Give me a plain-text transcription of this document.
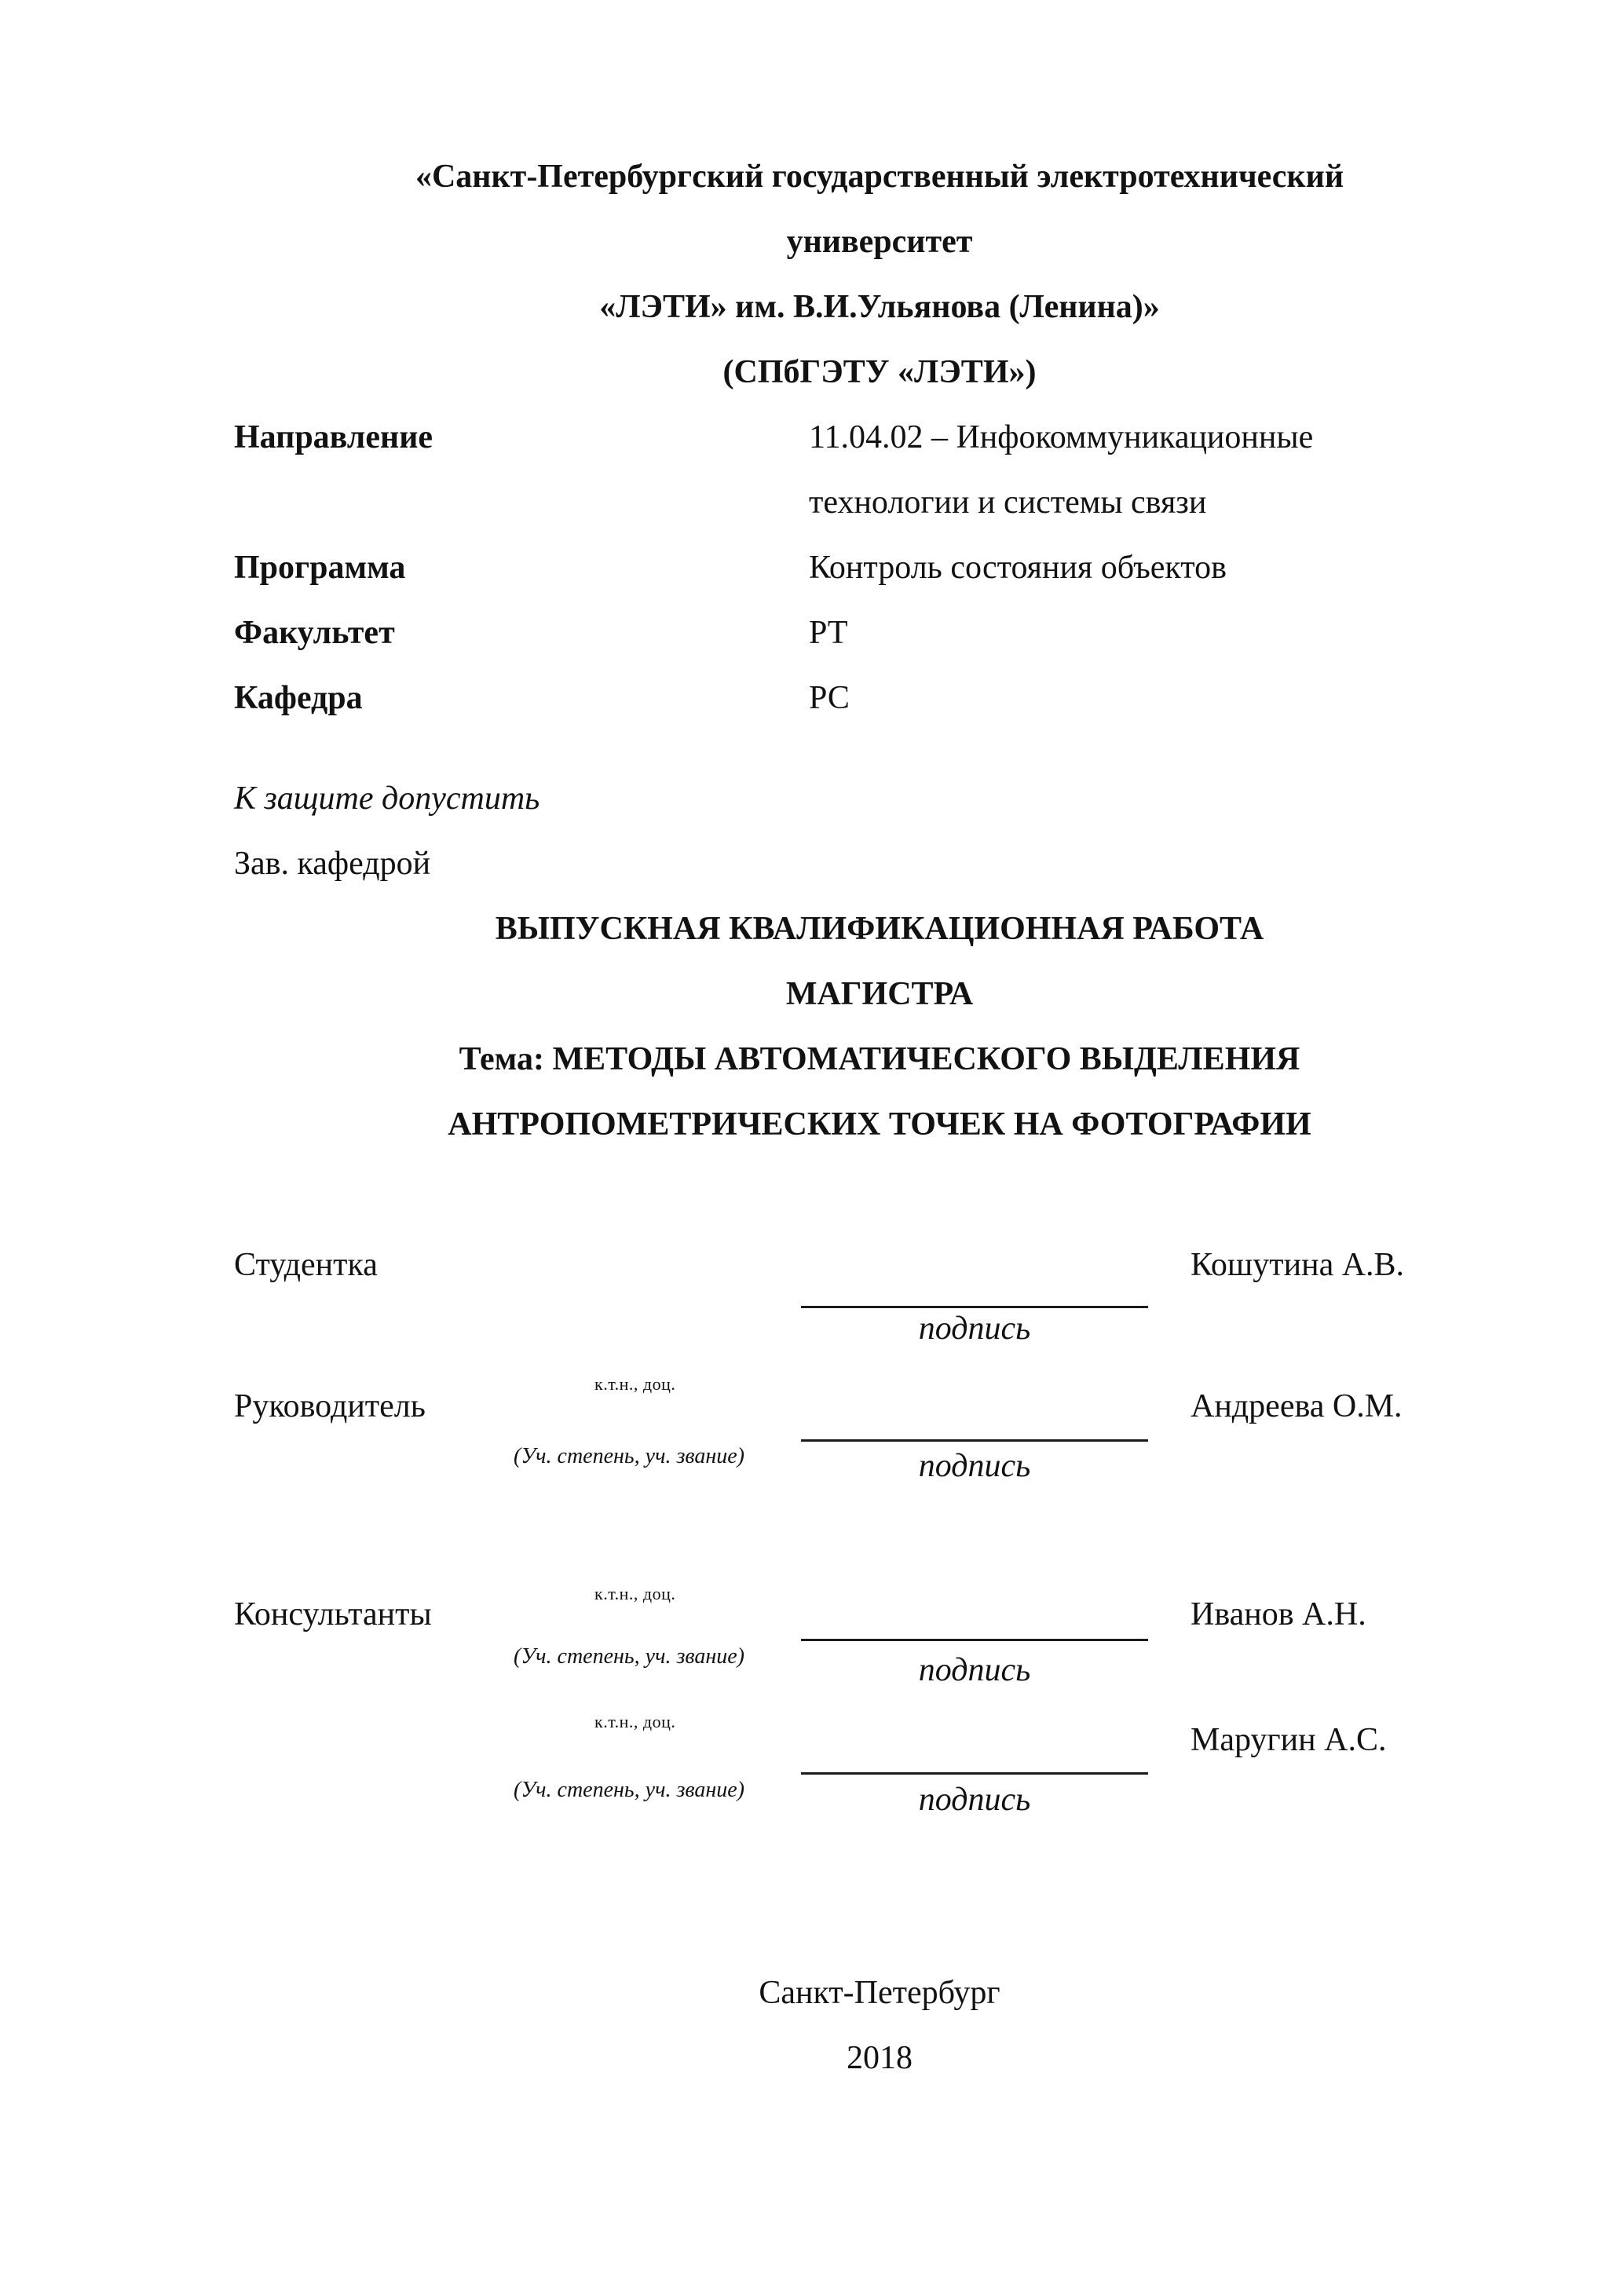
«Санкт-Петербургский государственный электротехнический
университет
«ЛЭТИ» им. В.И.Ульянова (Ленина)»
(СПбГЭТУ «ЛЭТИ»)
Направление	11.04.02 – Инфокоммуникационные
технологии и системы связи
Программа	Контроль состояния объектов
Факультет	РТ
Кафедра	РС
К защите допустить
Зав. кафедрой
ВЫПУСКНАЯ КВАЛИФИКАЦИОННАЯ РАБОТА
МАГИСТРА
Тема: МЕТОДЫ АВТОМАТИЧЕСКОГО ВЫДЕЛЕНИЯ
АНТРОПОМЕТРИЧЕСКИХ ТОЧЕК НА ФОТОГРАФИИ
Студентка	Кошутина А.В.
подпись
к.т.н., доц.
Руководитель	Андреева О.М.
(Уч. степень, уч. звание)	подпись
к.т.н., доц.
Консультанты	Иванов А.Н.
(Уч. степень, уч. звание)	подпись
к.т.н., доц.
Маругин А.С.
(Уч. степень, уч. звание)	подпись
Санкт-Петербург
2018
